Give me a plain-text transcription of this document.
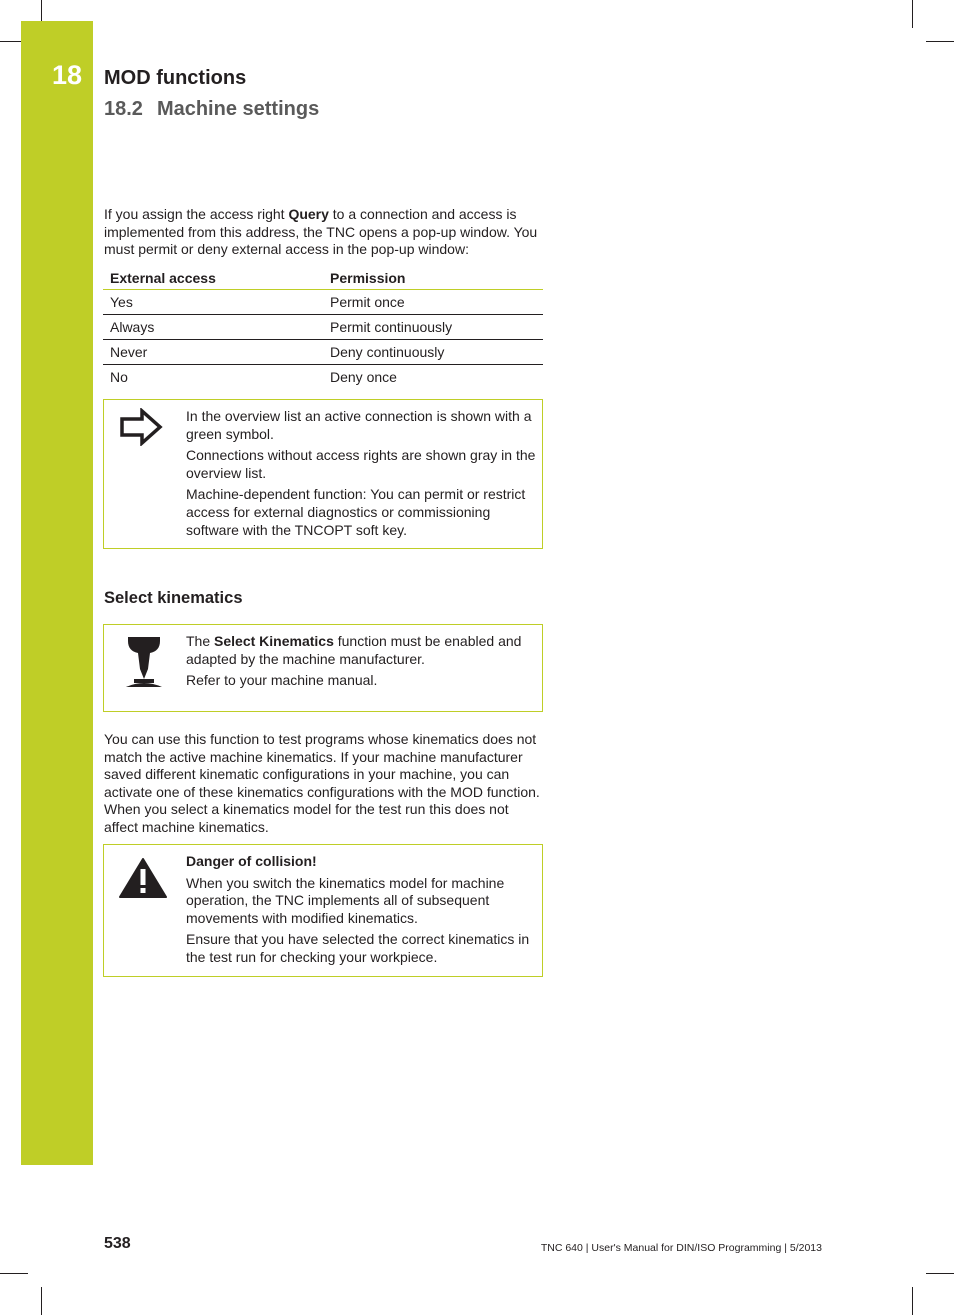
18 MOD functions
18.2 Machine settings

If you assign the access right Query to a connection and access is implemented from this address, the TNC opens a pop-up window. You must permit or deny external access in the pop-up window:

External access	Permission
Yes	Permit once
Always	Permit continuously
Never	Deny continuously
No	Deny once

In the overview list an active connection is shown with a green symbol.

Connections without access rights are shown gray in the overview list.

Machine-dependent function: You can permit or restrict access for external diagnostics or commissioning software with the TNCOPT soft key.

Select kinematics

The Select Kinematics function must be enabled and adapted by the machine manufacturer.

Refer to your machine manual.

You can use this function to test programs whose kinematics does not match the active machine kinematics. If your machine manufacturer saved different kinematic configurations in your machine, you can activate one of these kinematics configurations with the MOD function. When you select a kinematics model for the test run this does not affect machine kinematics.

Danger of collision!

When you switch the kinematics model for machine operation, the TNC implements all of subsequent movements with modified kinematics.

Ensure that you have selected the correct kinematics in the test run for checking your workpiece.

538	TNC 640 | User's Manual for DIN/ISO Programming | 5/2013
